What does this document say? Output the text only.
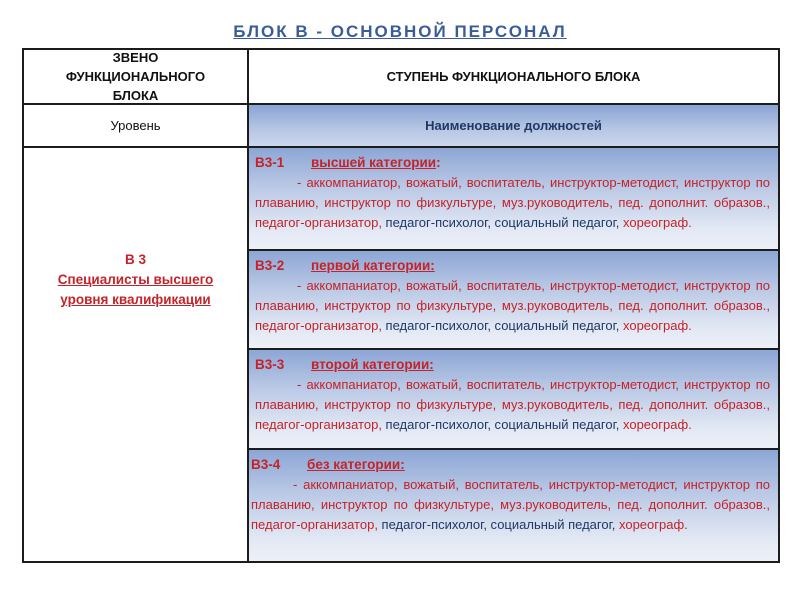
БЛОК В - ОСНОВНОЙ ПЕРСОНАЛ
ЗВЕНО ФУНКЦИОНАЛЬНОГО БЛОКА
СТУПЕНЬ ФУНКЦИОНАЛЬНОГО БЛОКА
Уровень	Наименование должностей
В 3
Специалисты высшего уровня квалификации
В3-1 высшей категории:
- аккомпаниатор, вожатый, воспитатель, инструктор-методист, инструктор по плаванию, инструктор по физкультуре, муз.руководитель, пед. дополнит. образов., педагог-организатор, педагог-психолог, социальный педагог, хореограф.
В3-2 первой категории:
- аккомпаниатор, вожатый, воспитатель, инструктор-методист, инструктор по плаванию, инструктор по физкультуре, муз.руководитель, пед. дополнит. образов., педагог-организатор, педагог-психолог, социальный педагог, хореограф.
В3-3 второй категории:
- аккомпаниатор, вожатый, воспитатель, инструктор-методист, инструктор по плаванию, инструктор по физкультуре, муз.руководитель, пед. дополнит. образов., педагог-организатор, педагог-психолог, социальный педагог, хореограф.
В3-4 без категории:
- аккомпаниатор, вожатый, воспитатель, инструктор-методист, инструктор по плаванию, инструктор по физкультуре, муз.руководитель, пед. дополнит. образов., педагог-организатор, педагог-психолог, социальный педагог, хореограф.
